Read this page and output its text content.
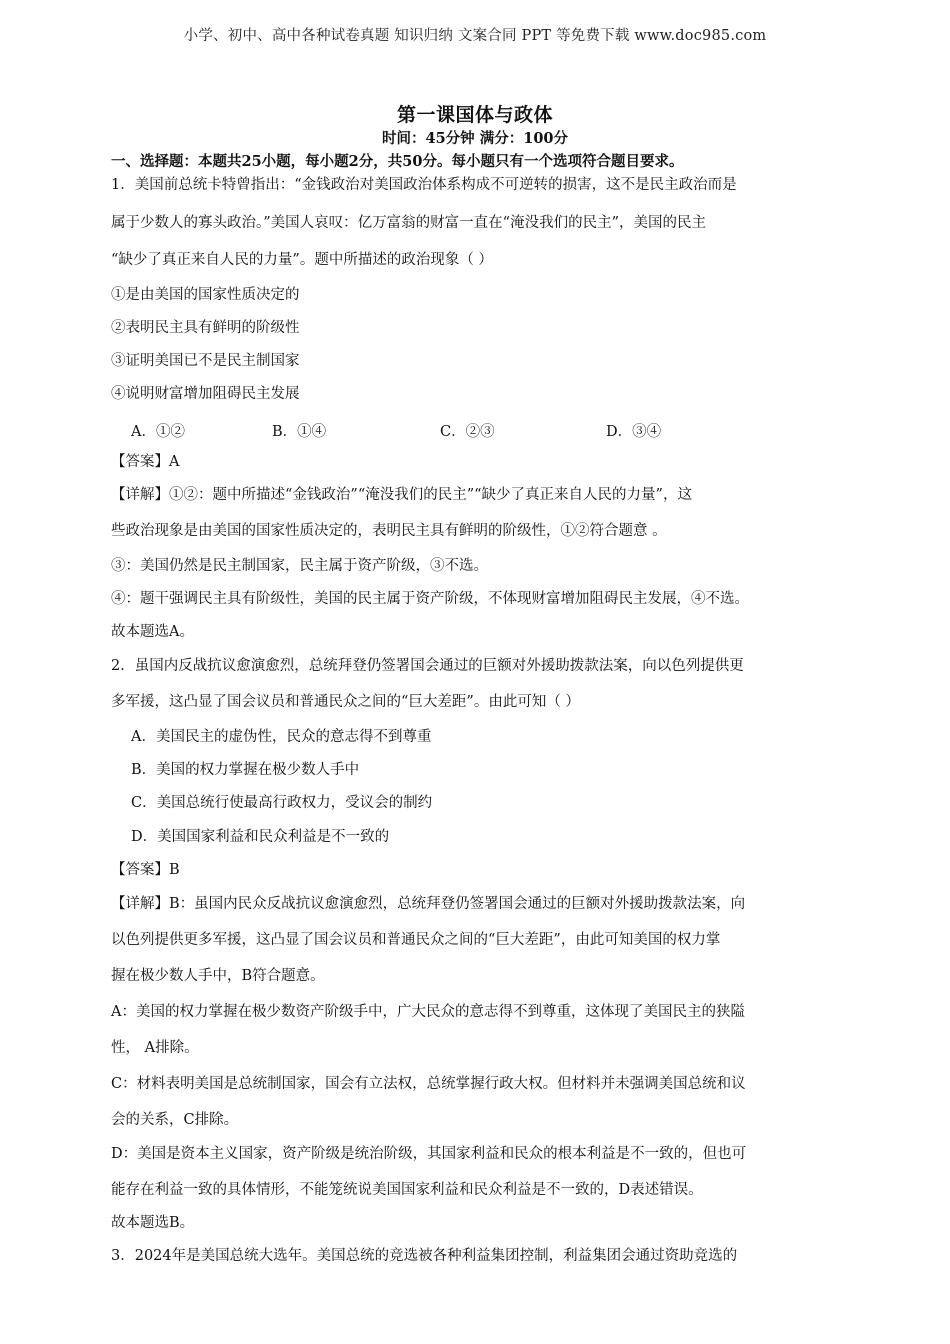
小学、初中、高中各种试卷真题 知识归纳 文案合同 PPT 等免费下载 www.doc985.com
第一课国体与政体
时间：45分钟 满分：100分
一、选择题：本题共25小题，每小题2分，共50分。每小题只有一个选项符合题目要求。
1．美国前总统卡特曾指出：“金钱政治对美国政治体系构成不可逆转的损害，这不是民主政治而是
属于少数人的寡头政治。”美国人哀叹：亿万富翁的财富一直在“淹没我们的民主”，美国的民主
“缺少了真正来自人民的力量”。题中所描述的政治现象（ ）
①是由美国的国家性质决定的
②表明民主具有鲜明的阶级性
③证明美国已不是民主制国家
④说明财富增加阻碍民主发展
A．①②	B．①④	C．②③	D．③④
【答案】A
【详解】①②：题中所描述“金钱政治”“淹没我们的民主”“缺少了真正来自人民的力量”，这
些政治现象是由美国的国家性质决定的，表明民主具有鲜明的阶级性，①②符合题意 。
③：美国仍然是民主制国家，民主属于资产阶级，③不选。
④：题干强调民主具有阶级性，美国的民主属于资产阶级，不体现财富增加阻碍民主发展，④不选。
故本题选A。
2．虽国内反战抗议愈演愈烈，总统拜登仍签署国会通过的巨额对外援助拨款法案，向以色列提供更
多军援，这凸显了国会议员和普通民众之间的“巨大差距”。由此可知（ ）
A．美国民主的虚伪性，民众的意志得不到尊重
B．美国的权力掌握在极少数人手中
C．美国总统行使最高行政权力，受议会的制约
D．美国国家利益和民众利益是不一致的
【答案】B
【详解】B：虽国内民众反战抗议愈演愈烈，总统拜登仍签署国会通过的巨额对外援助拨款法案，向
以色列提供更多军援，这凸显了国会议员和普通民众之间的“巨大差距”，由此可知美国的权力掌
握在极少数人手中，B符合题意。
A：美国的权力掌握在极少数资产阶级手中，广大民众的意志得不到尊重，这体现了美国民主的狭隘
性， A排除。
C：材料表明美国是总统制国家，国会有立法权，总统掌握行政大权。但材料并未强调美国总统和议
会的关系，C排除。
D：美国是资本主义国家，资产阶级是统治阶级，其国家利益和民众的根本利益是不一致的，但也可
能存在利益一致的具体情形，不能笼统说美国国家利益和民众利益是不一致的，D表述错误。
故本题选B。
3．2024年是美国总统大选年。美国总统的竞选被各种利益集团控制，利益集团会通过资助竞选的
